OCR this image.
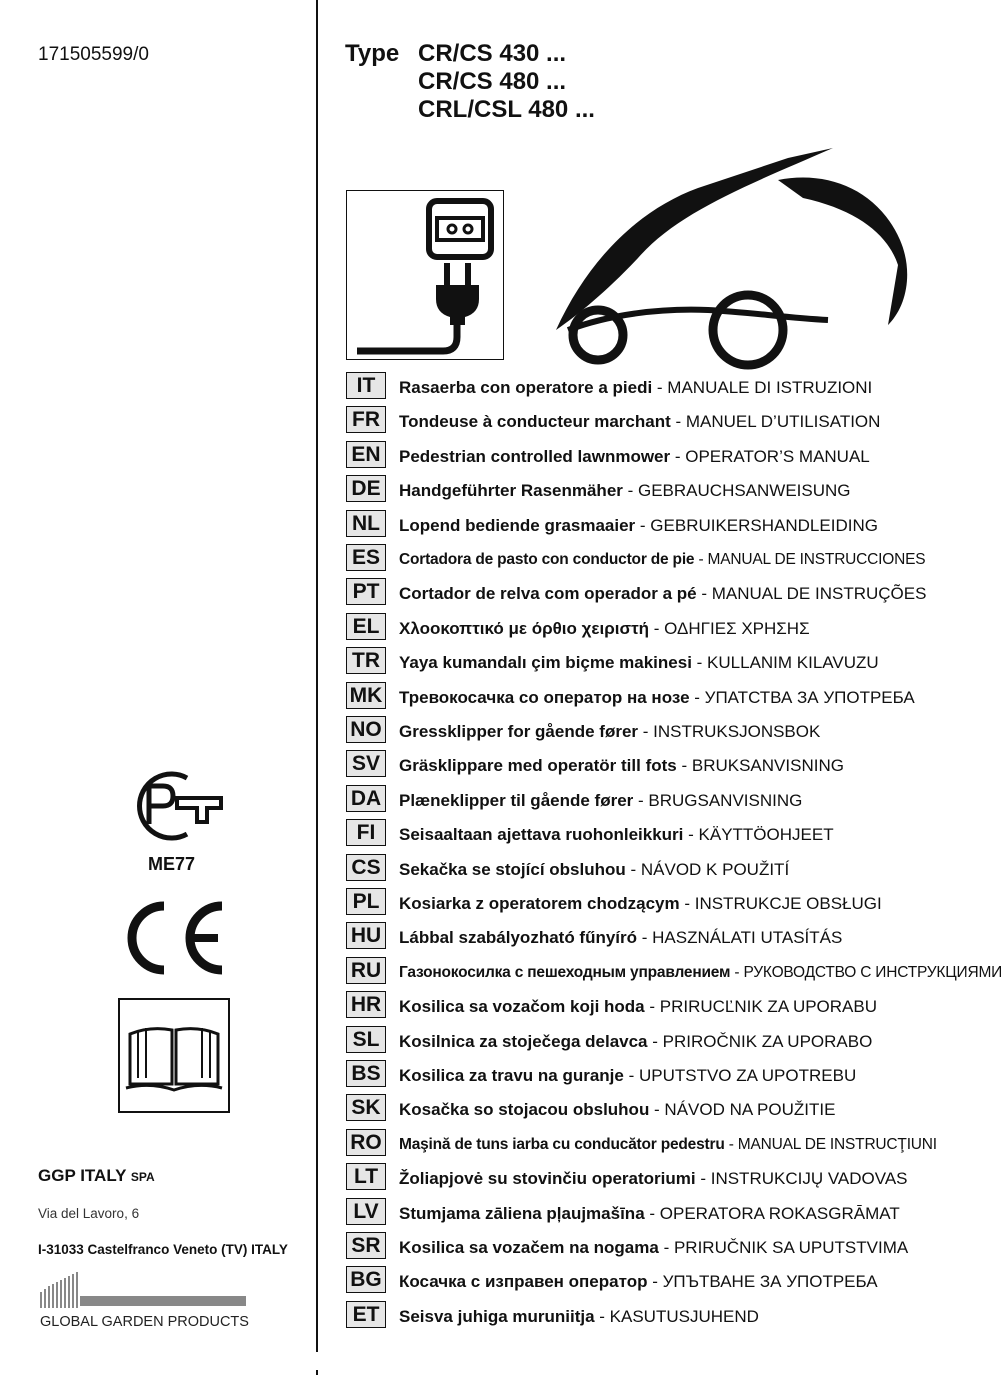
171505599/0	Type CR/CS 430 ...
CR/CS 480 ...
CRL/CSL 480 ...
IT	Rasaerba con operatore a piedi - MANUALE DI ISTRUZIONI
FR	Tondeuse à conducteur marchant - MANUEL D’UTILISATION
EN	Pedestrian controlled lawnmower - OPERATOR’S MANUAL
DE	Handgeführter Rasenmäher - GEBRAUCHSANWEISUNG
NL	Lopend bediende grasmaaier - GEBRUIKERSHANDLEIDING
ES	Cortadora de pasto con conductor de pie - MANUAL DE INSTRUCCIONES
PT	Cortador de relva com operador a pé - MANUAL DE INSTRUÇÕES
EL	Χλοοκοπτικό με όρθιο χειριστή - ΟΔΗΓΙΕΣ ΧΡΗΣΗΣ
TR	Yaya kumandalı çim biçme makinesi - KULLANIM KILAVUZU
MK Тревокосачка со оператор на нозе - УПАТСТВА ЗА УПОТРЕБА
NO Gressklipper for gående fører - INSTRUKSJONSBOK
SV	Gräsklippare med operatör till fots - BRUKSANVISNING
DA Plæneklipper til gående fører - BRUGSANVISNING
FI	Seisaaltaan ajettava ruohonleikkuri - KÄYTTÖOHJEET
CS	Sekačka se stojící obsluhou - NÁVOD K POUŽITÍ
PL	Kosiarka z operatorem chodzącym - INSTRUKCJE OBSŁUGI
HU Lábbal szabályozható fűnyíró - HASZNÁLATI UTASÍTÁS
RU	Газонокосилка с пешеходным управлением - РУКОВОДСТВО С ИНСТРУКЦИЯМИ
HR Kosilica sa vozačom koji hoda - PRIRUCĽNIK ZA UPORABU
SL	Kosilnica za stoječega delavca - PRIROČNIK ZA UPORABO
BS	Kosilica za travu na guranje - UPUTSTVO ZA UPOTREBU
SK	Kosačka so stojacou obsluhou - NÁVOD NA POUŽITIE
RO Maşină de tuns iarba cu conducător pedestru - MANUAL DE INSTRUCŢIUNI
LT	Žoliapjovė su stovinčiu operatoriumi - INSTRUKCIJŲ VADOVAS
LV	Stumjama zāliena pļaujmašīna - OPERATORA ROKASGRĀMAT
SR	Kosilica sa vozačem na nogama - PRIRUČNIK SA UPUTSTVIMA
BG Косачка с изправен оператор - УПЪТВАНЕ ЗА УПОТРЕБА
ET	Seisva juhiga muruniitja - KASUTUSJUHEND
ME77
GGP ITALY SPA
Via del Lavoro, 6
I-31033 Castelfranco Veneto (TV) ITALY
GLOBAL GARDEN PRODUCTS
